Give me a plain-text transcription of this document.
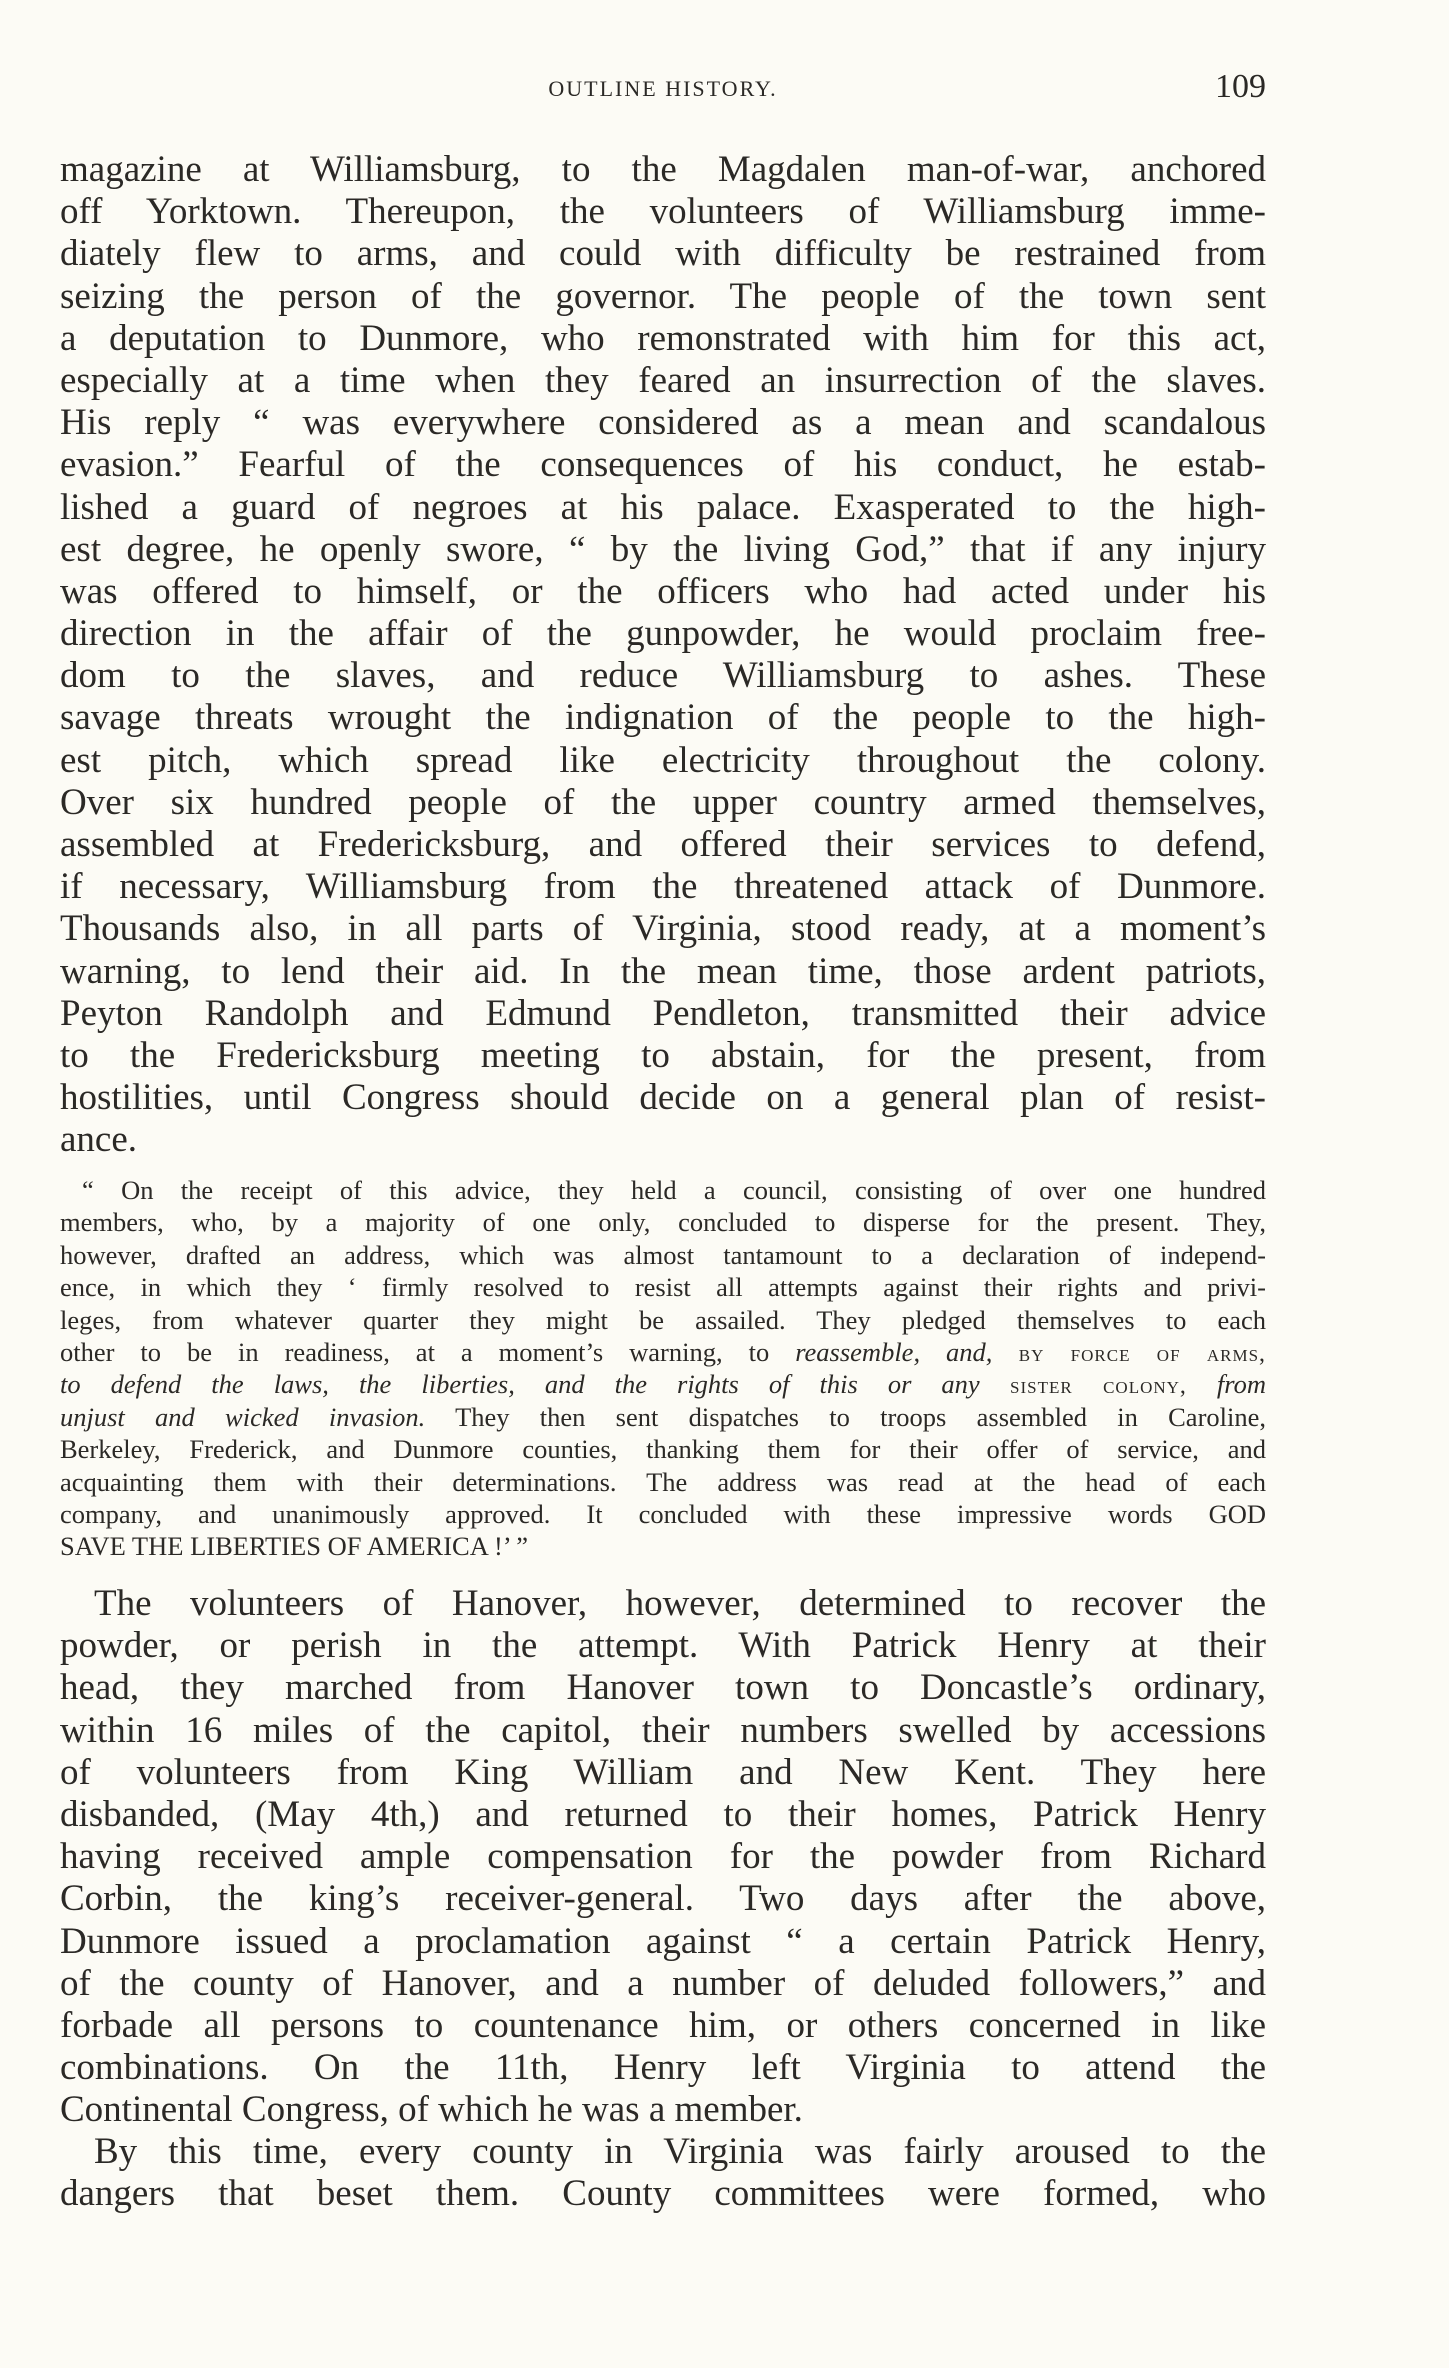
OUTLINE HISTORY.	109
magazine at Williamsburg, to the Magdalen man-of-war, anchored
off Yorktown. Thereupon, the volunteers of Williamsburg imme-
diately flew to arms, and could with difficulty be restrained from
seizing the person of the governor. The people of the town sent
a deputation to Dunmore, who remonstrated with him for this act,
especially at a time when they feared an insurrection of the slaves.
His reply “ was everywhere considered as a mean and scandalous
evasion.” Fearful of the consequences of his conduct, he estab-
lished a guard of negroes at his palace. Exasperated to the high-
est degree, he openly swore, “ by the living God,” that if any injury
was offered to himself, or the officers who had acted under his
direction in the affair of the gunpowder, he would proclaim free-
dom to the slaves, and reduce Williamsburg to ashes. These
savage threats wrought the indignation of the people to the high-
est pitch, which spread like electricity throughout the colony.
Over six hundred people of the upper country armed themselves,
assembled at Fredericksburg, and offered their services to defend,
if necessary, Williamsburg from the threatened attack of Dunmore.
Thousands also, in all parts of Virginia, stood ready, at a moment’s
warning, to lend their aid. In the mean time, those ardent patriots,
Peyton Randolph and Edmund Pendleton, transmitted their advice
to the Fredericksburg meeting to abstain, for the present, from
hostilities, until Congress should decide on a general plan of resist-
ance.
“ On the receipt of this advice, they held a council, consisting of over one hundred
members, who, by a majority of one only, concluded to disperse for the present. They,
however, drafted an address, which was almost tantamount to a declaration of independ-
ence, in which they ‘ firmly resolved to resist all attempts against their rights and privi-
leges, from whatever quarter they might be assailed. They pledged themselves to each
other to be in readiness, at a moment’s warning, to reassemble, and, by force of arms,
to defend the laws, the liberties, and the rights of this or any sister colony, from
unjust and wicked invasion. They then sent dispatches to troops assembled in Caroline,
Berkeley, Frederick, and Dunmore counties, thanking them for their offer of service, and
acquainting them with their determinations. The address was read at the head of each
company, and unanimously approved. It concluded with these impressive words GOD
SAVE THE LIBERTIES OF AMERICA !’ ”
The volunteers of Hanover, however, determined to recover the
powder, or perish in the attempt. With Patrick Henry at their
head, they marched from Hanover town to Doncastle’s ordinary,
within 16 miles of the capitol, their numbers swelled by accessions
of volunteers from King William and New Kent. They here
disbanded, (May 4th,) and returned to their homes, Patrick Henry
having received ample compensation for the powder from Richard
Corbin, the king’s receiver-general. Two days after the above,
Dunmore issued a proclamation against “ a certain Patrick Henry,
of the county of Hanover, and a number of deluded followers,” and
forbade all persons to countenance him, or others concerned in like
combinations. On the 11th, Henry left Virginia to attend the
Continental Congress, of which he was a member.
By this time, every county in Virginia was fairly aroused to the
dangers that beset them. County committees were formed, who
